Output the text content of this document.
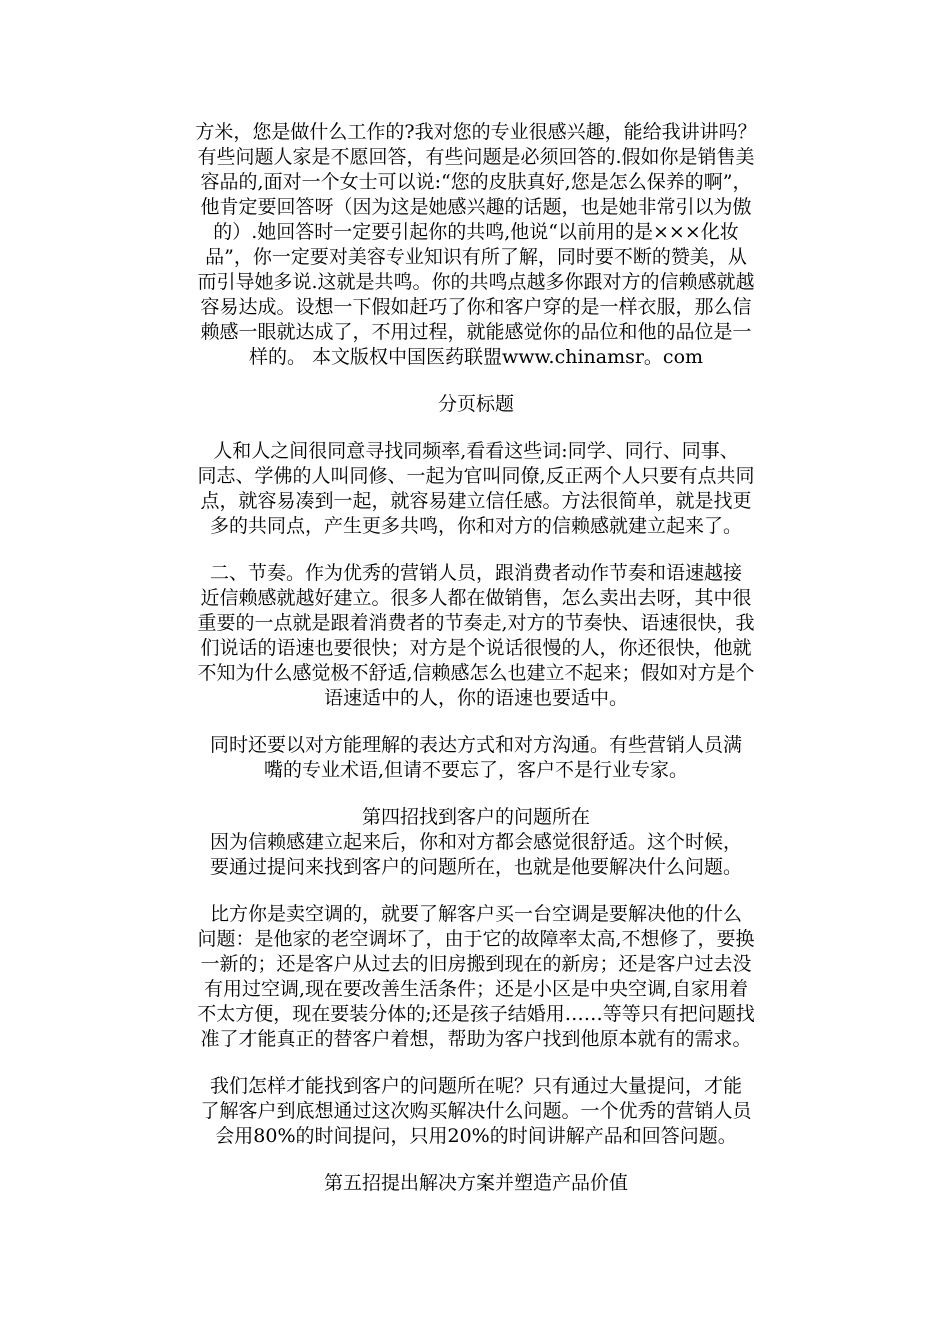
方米，您是做什么工作的?我对您的专业很感兴趣，能给我讲讲吗？
有些问题人家是不愿回答，有些问题是必须回答的.假如你是销售美
容品的,面对一个女士可以说:“您的皮肤真好,您是怎么保养的啊”，
他肯定要回答呀（因为这是她感兴趣的话题，也是她非常引以为傲
的）.她回答时一定要引起你的共鸣,他说“以前用的是×××化妆
品”，你一定要对美容专业知识有所了解，同时要不断的赞美，从
而引导她多说.这就是共鸣。你的共鸣点越多你跟对方的信赖感就越
容易达成。设想一下假如赶巧了你和客户穿的是一样衣服，那么信
赖感一眼就达成了，不用过程，就能感觉你的品位和他的品位是一
样的。 本文版权中国医药联盟www.chinamsr。com

分页标题

人和人之间很同意寻找同频率,看看这些词:同学、同行、同事、
同志、学佛的人叫同修、一起为官叫同僚,反正两个人只要有点共同
点，就容易凑到一起，就容易建立信任感。方法很简单，就是找更
多的共同点，产生更多共鸣，你和对方的信赖感就建立起来了。
二、节奏。作为优秀的营销人员，跟消费者动作节奏和语速越接
近信赖感就越好建立。很多人都在做销售，怎么卖出去呀，其中很
重要的一点就是跟着消费者的节奏走,对方的节奏快、语速很快，我
们说话的语速也要很快；对方是个说话很慢的人，你还很快，他就
不知为什么感觉极不舒适,信赖感怎么也建立不起来；假如对方是个
语速适中的人，你的语速也要适中。
同时还要以对方能理解的表达方式和对方沟通。有些营销人员满
嘴的专业术语,但请不要忘了，客户不是行业专家。

第四招找到客户的问题所在

因为信赖感建立起来后，你和对方都会感觉很舒适。这个时候，
要通过提问来找到客户的问题所在，也就是他要解决什么问题。
比方你是卖空调的，就要了解客户买一台空调是要解决他的什么
问题：是他家的老空调坏了，由于它的故障率太高,不想修了，要换
一新的；还是客户从过去的旧房搬到现在的新房；还是客户过去没
有用过空调,现在要改善生活条件；还是小区是中央空调,自家用着
不太方便，现在要装分体的;还是孩子结婚用……等等只有把问题找
准了才能真正的替客户着想，帮助为客户找到他原本就有的需求。
我们怎样才能找到客户的问题所在呢？只有通过大量提问，才能
了解客户到底想通过这次购买解决什么问题。一个优秀的营销人员
会用80%的时间提问，只用20%的时间讲解产品和回答问题。

第五招提出解决方案并塑造产品价值
